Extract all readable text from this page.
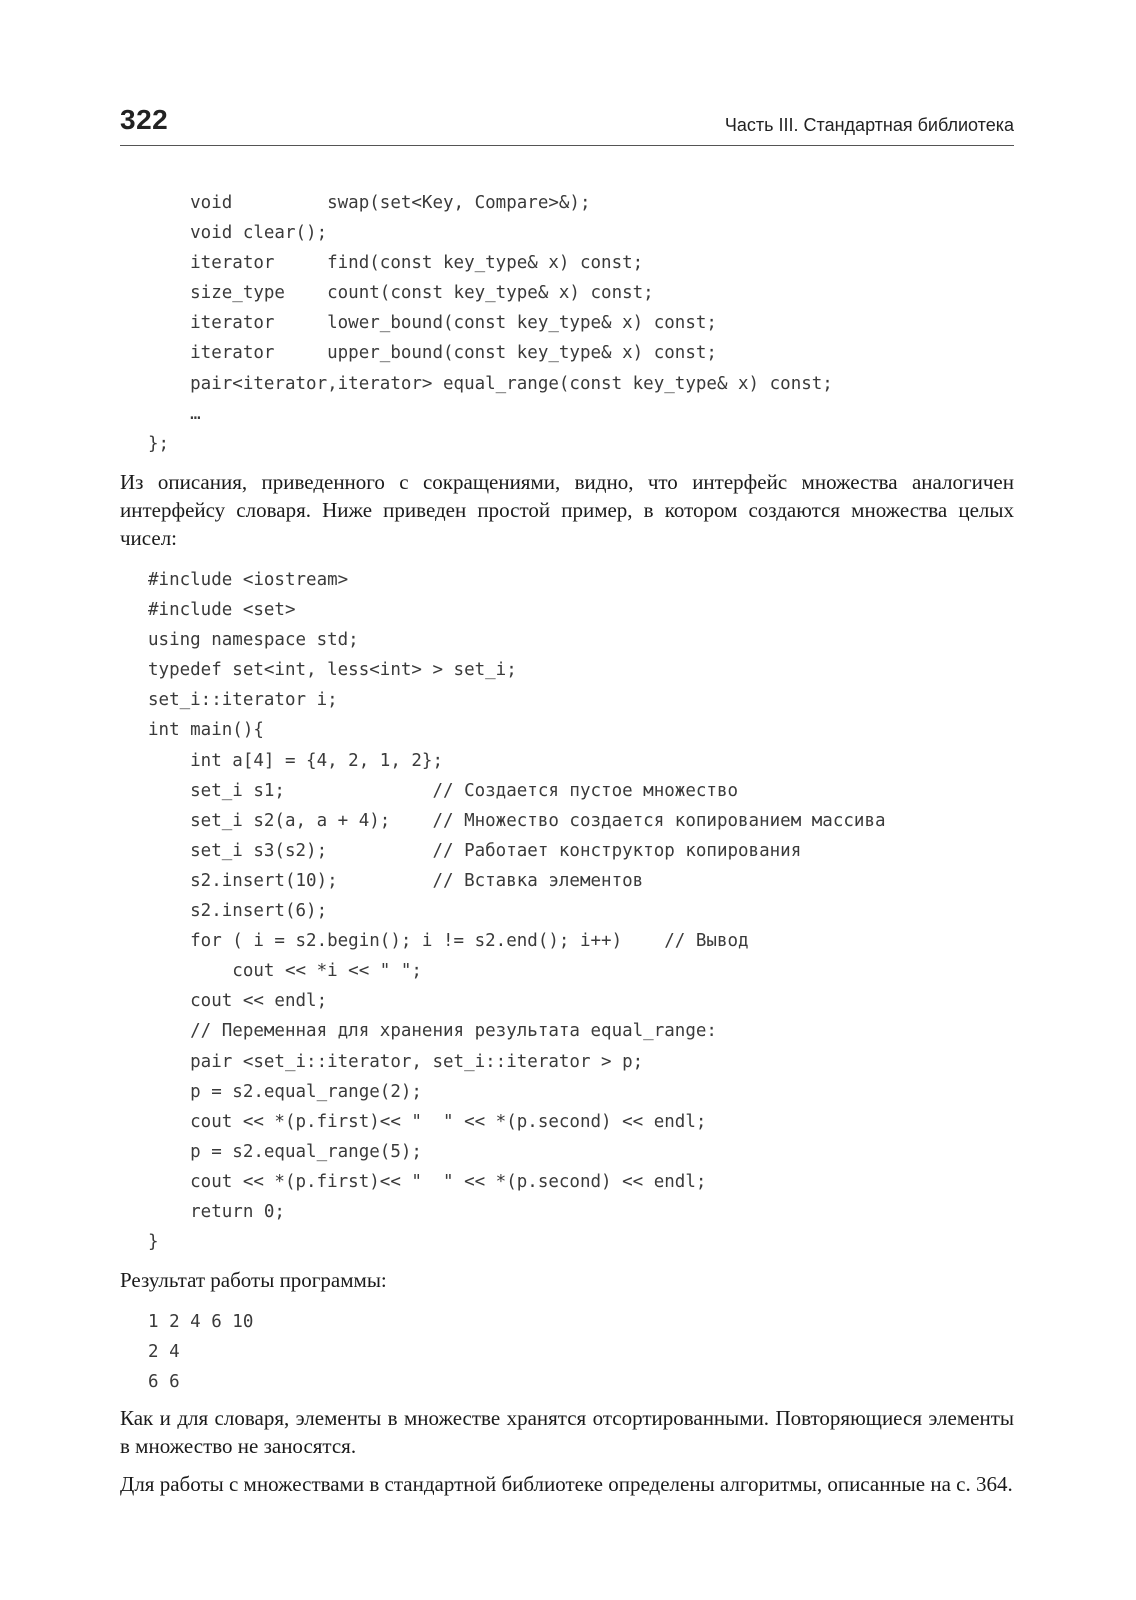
322	Часть III. Стандартная библиотека
void         swap(set<Key, Compare>&);
void clear();
iterator     find(const key_type& x) const;
size_type    count(const key_type& x) const;
iterator     lower_bound(const key_type& x) const;
iterator     upper_bound(const key_type& x) const;
pair<iterator,iterator> equal_range(const key_type& x) const;
…
};

Из описания, приведенного с сокращениями, видно, что интерфейс множества аналогичен интерфейсу словаря. Ниже приведен простой пример, в котором создаются множества целых чисел:

#include <iostream>
#include <set>
using namespace std;
typedef set<int, less<int> > set_i;
set_i::iterator i;
int main(){
int a[4] = {4, 2, 1, 2};
set_i s1;              // Создается пустое множество
set_i s2(a, a + 4);    // Множество создается копированием массива
set_i s3(s2);          // Работает конструктор копирования
s2.insert(10);         // Вставка элементов
s2.insert(6);
for ( i = s2.begin(); i != s2.end(); i++)    // Вывод
cout << *i << " ";
cout << endl;
// Переменная для хранения результата equal_range:
pair <set_i::iterator, set_i::iterator > p;
p = s2.equal_range(2);
cout << *(p.first)<< "  " << *(p.second) << endl;
p = s2.equal_range(5);
cout << *(p.first)<< "  " << *(p.second) << endl;
return 0;
}

Результат работы программы:

1 2 4 6 10
2 4
6 6

Как и для словаря, элементы в множестве хранятся отсортированными. Повторяющиеся элементы в множество не заносятся.

Для работы с множествами в стандартной библиотеке определены алгоритмы, описанные на с. 364.
